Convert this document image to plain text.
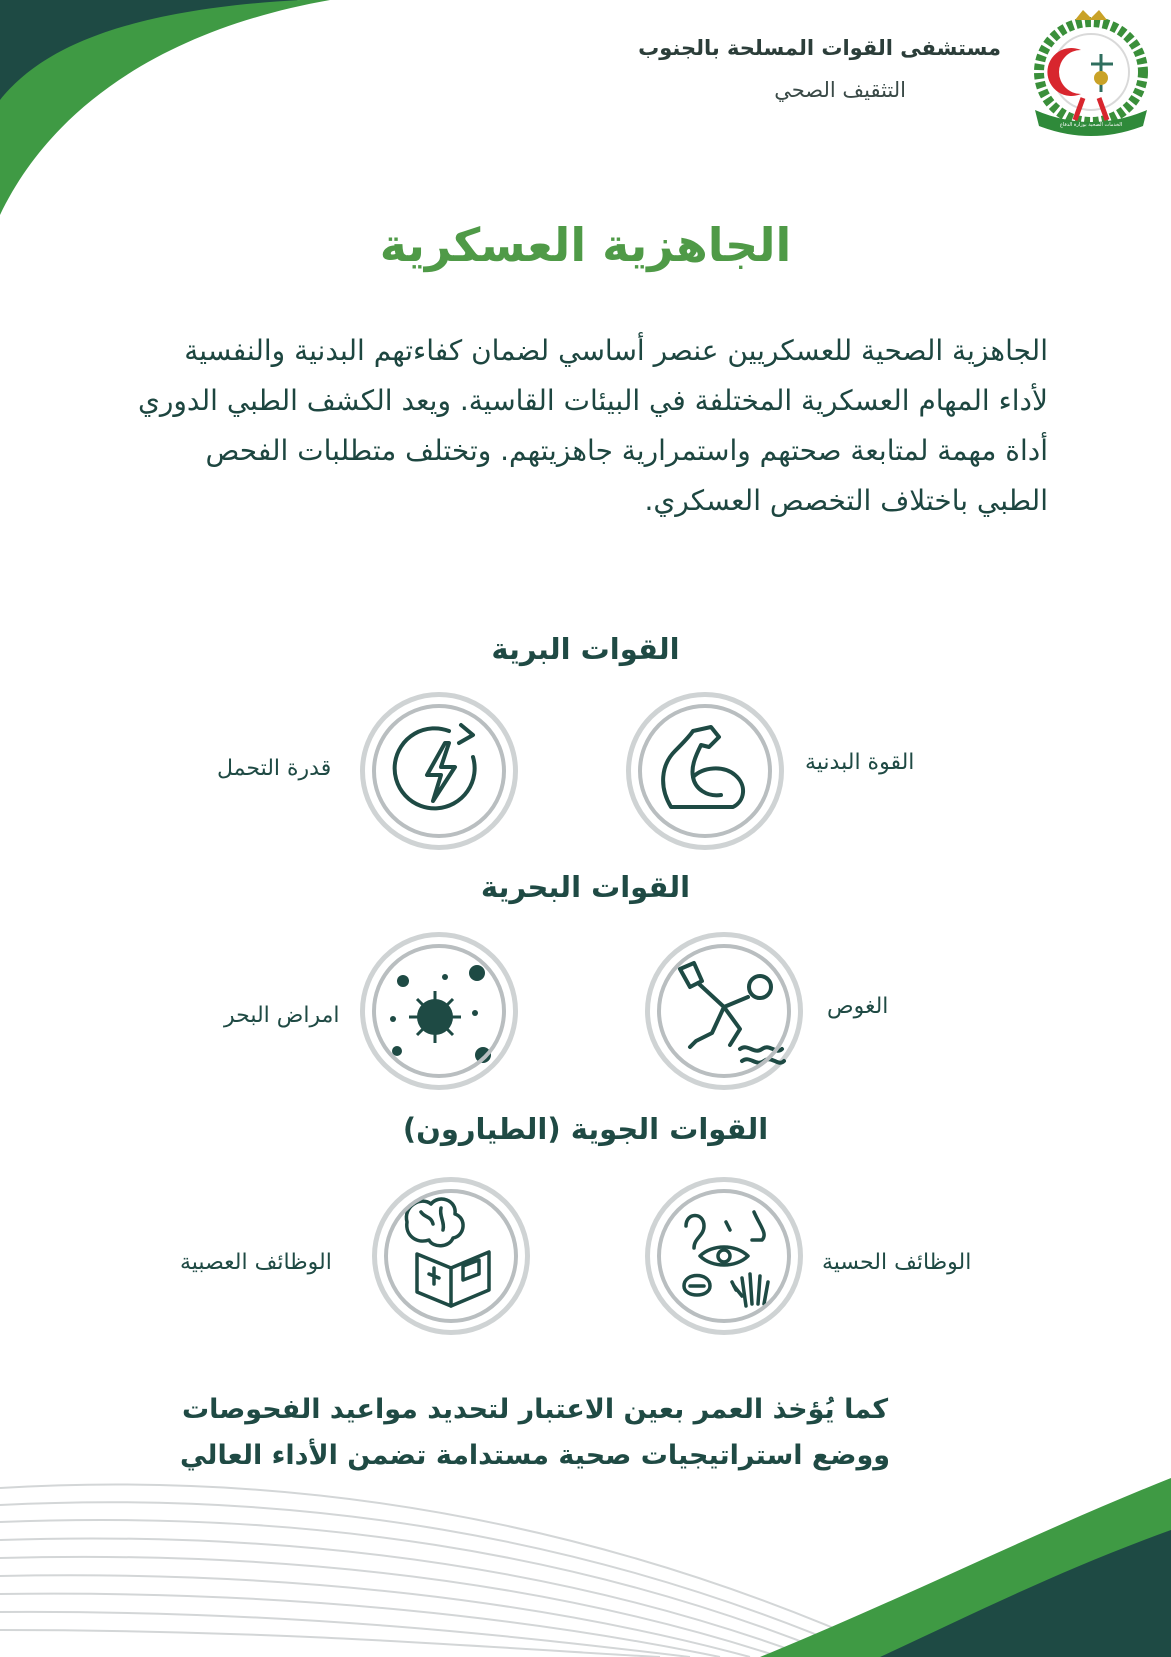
الخدمات الصحية بوزارة الدفاع
مستشفى القوات المسلحة بالجنوب
التثقيف الصحي
الجاهزية العسكرية
الجاهزية الصحية للعسكريين عنصر أساسي لضمان كفاءتهم البدنية والنفسية لأداء المهام العسكرية المختلفة في البيئات القاسية. ويعد الكشف الطبي الدوري أداة مهمة لمتابعة صحتهم واستمرارية جاهزيتهم. وتختلف متطلبات الفحص الطبي باختلاف التخصص العسكري.
القوات البرية
القوة البدنية
قدرة التحمل
القوات البحرية
الغوص
امراض البحر
القوات الجوية (الطيارون)
الوظائف الحسية
الوظائف العصبية
كما يُؤخذ العمر بعين الاعتبار لتحديد مواعيد الفحوصات
ووضع استراتيجيات صحية مستدامة تضمن الأداء العالي
